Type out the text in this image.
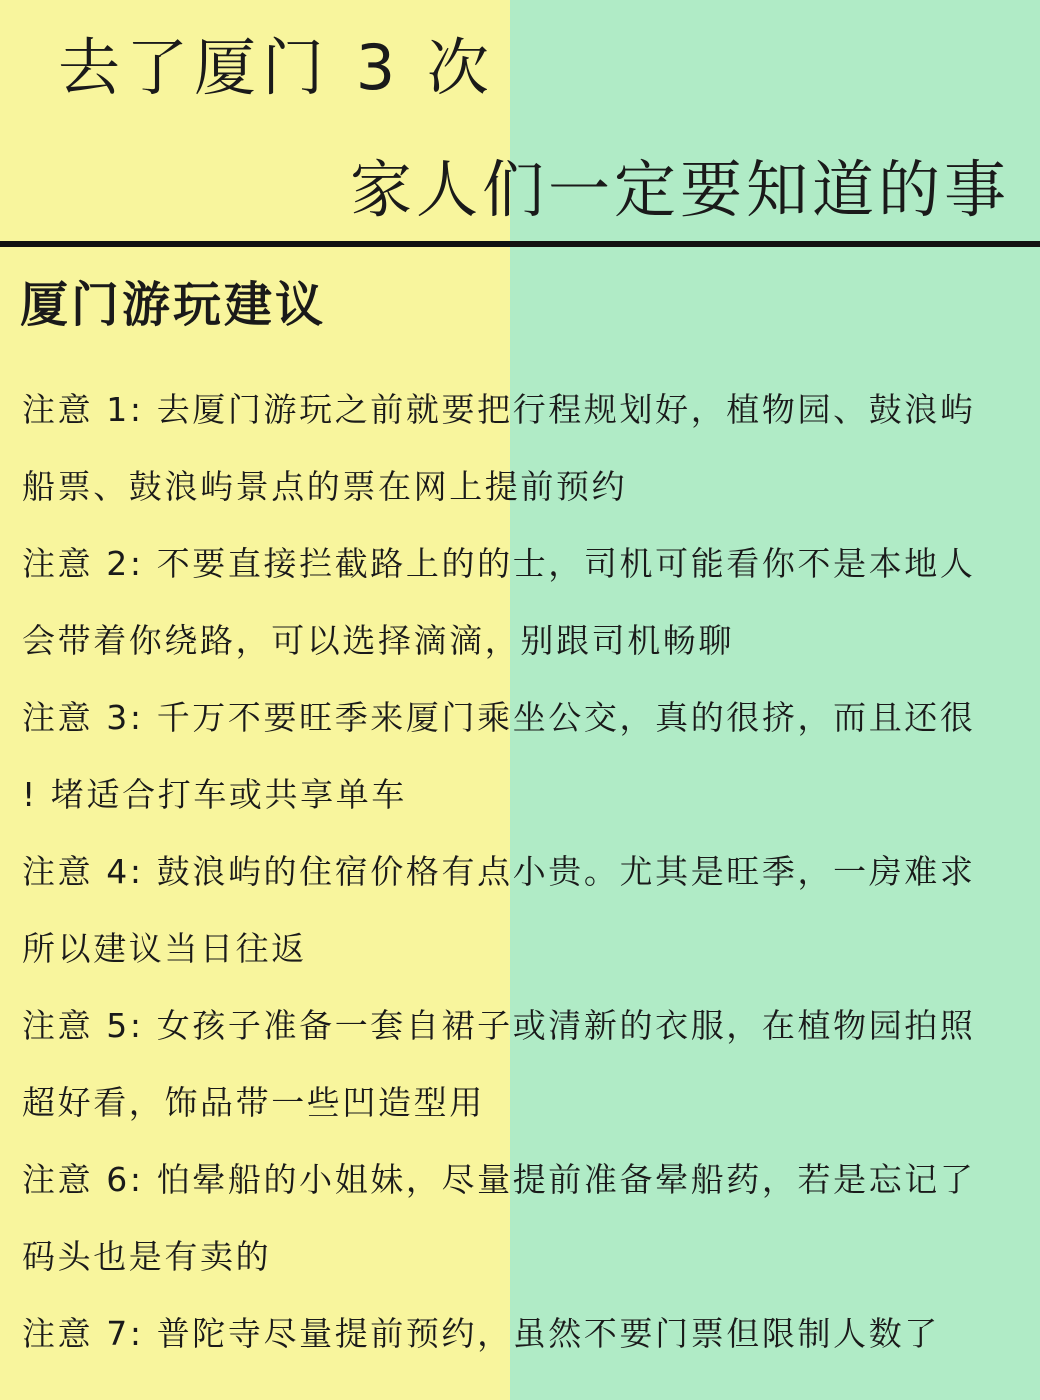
去了厦门 3 次
家人们一定要知道的事
厦门游玩建议
注意 1: 去厦门游玩之前就要把行程规划好，植物园、鼓浪屿
船票、鼓浪屿景点的票在网上提前预约
注意 2: 不要直接拦截路上的的士，司机可能看你不是本地人
会带着你绕路，可以选择滴滴，别跟司机畅聊
注意 3: 千万不要旺季来厦门乘坐公交，真的很挤，而且还很
! 堵适合打车或共享单车
注意 4: 鼓浪屿的住宿价格有点小贵。尤其是旺季，一房难求
所以建议当日往返
注意 5: 女孩子准备一套自裙子或清新的衣服，在植物园拍照
超好看，饰品带一些凹造型用
注意 6: 怕晕船的小姐妹，尽量提前准备晕船药，若是忘记了
码头也是有卖的
注意 7: 普陀寺尽量提前预约，虽然不要门票但限制人数了
